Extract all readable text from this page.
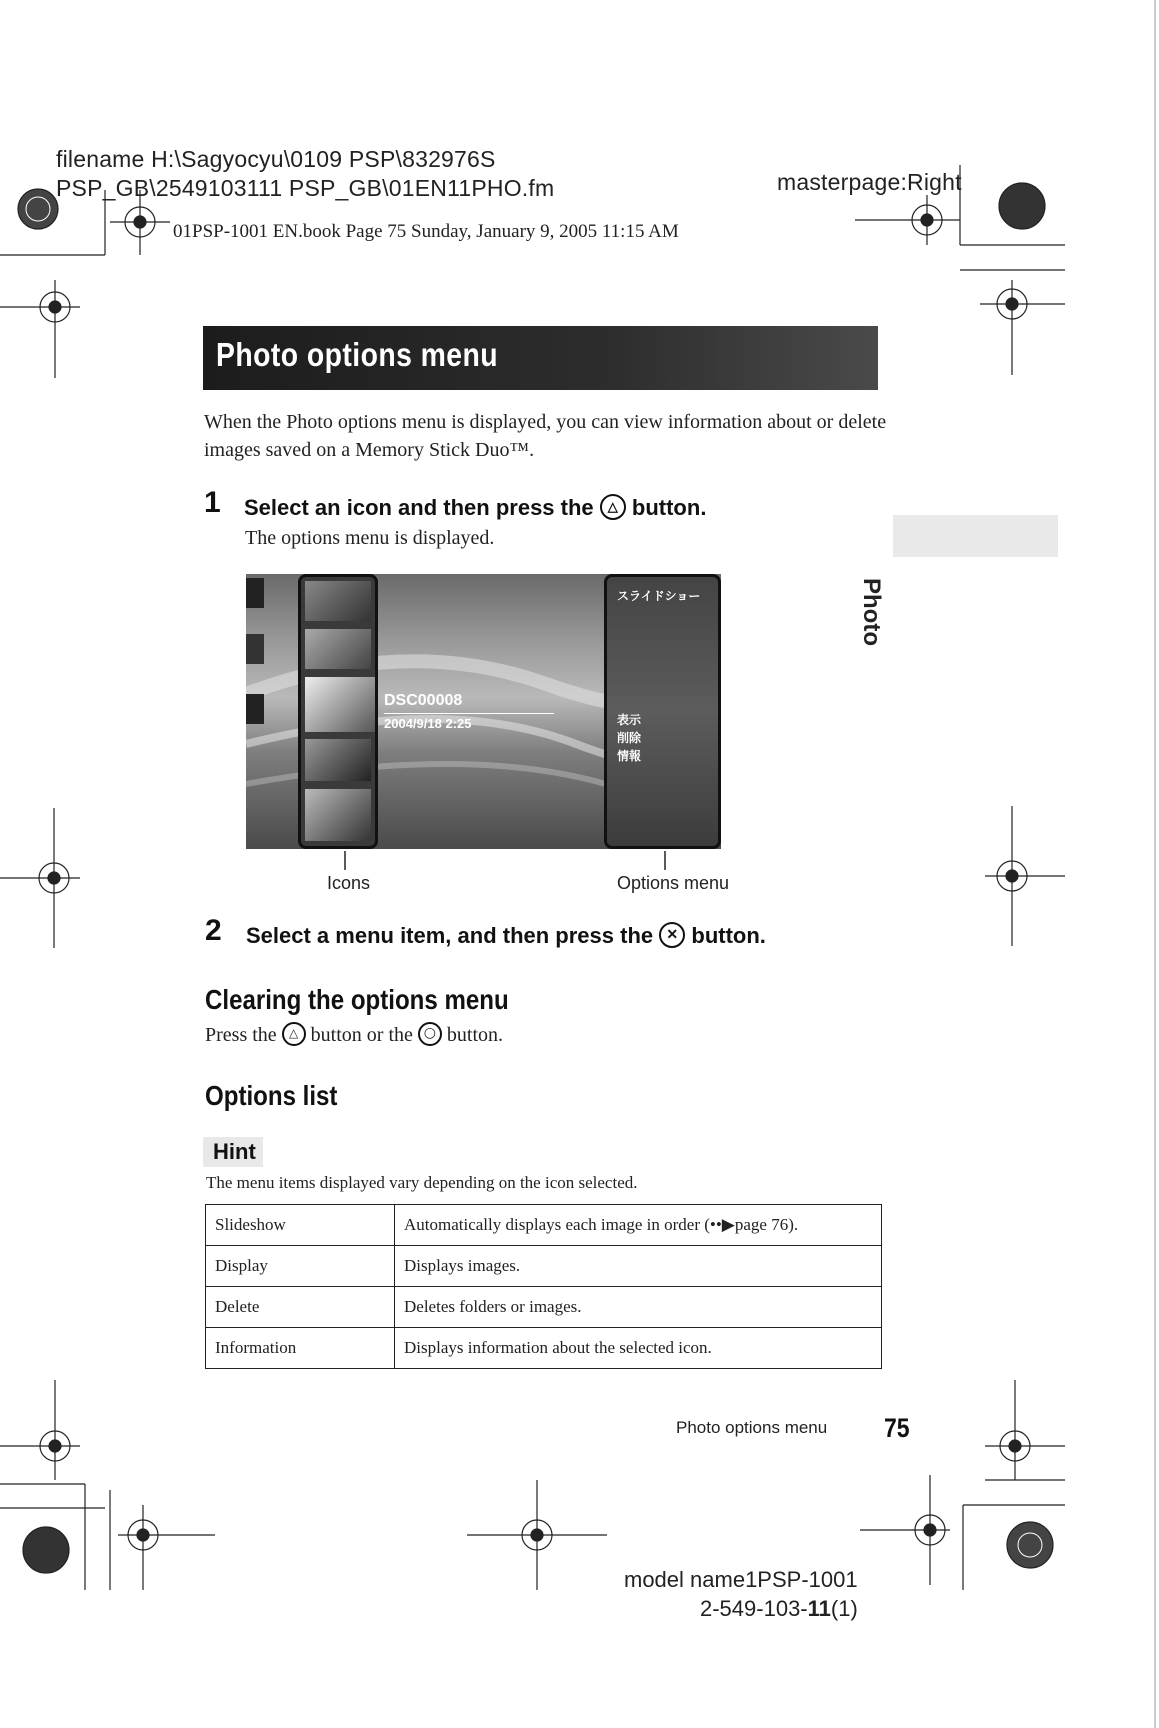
filename H:\Sagyocyu\0109 PSP\832976S
PSP_GB\2549103111 PSP_GB\01EN11PHO.fm	masterpage:Right
01PSP-1001 EN.book Page 75 Sunday, January 9, 2005 11:15 AM
Photo options menu
When the Photo options menu is displayed, you can view information about or delete images saved on a Memory Stick Duo™.
Photo
1 Select an icon and then press the △ button.
The options menu is displayed.
DSC00008
2004/9/18 2:25
スライドショー
表示
削除
情報
Icons	Options menu
2 Select a menu item, and then press the ✕ button.
Clearing the options menu
Press the △ button or the ○ button.
Options list
Hint
The menu items displayed vary depending on the icon selected.
Slideshow	Automatically displays each image in order (••▶page 76).
Display	Displays images.
Delete	Deletes folders or images.
Information	Displays information about the selected icon.
Photo options menu 75
model name1PSP-1001
2-549-103-11(1)
